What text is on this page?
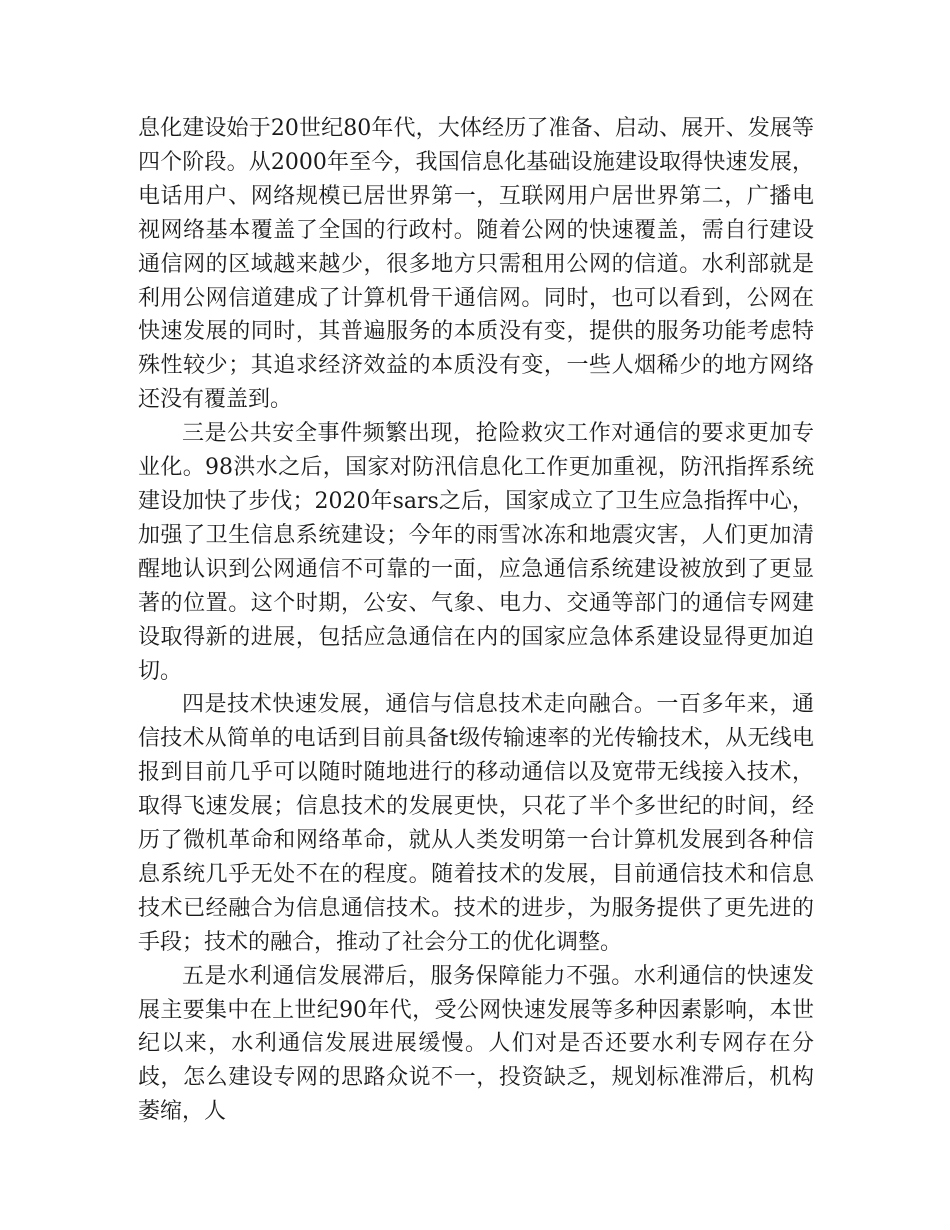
息化建设始于20世纪80年代，大体经历了准备、启动、展开、发展等四个阶段。从2000年至今，我国信息化基础设施建设取得快速发展，电话用户、网络规模已居世界第一，互联网用户居世界第二，广播电视网络基本覆盖了全国的行政村。随着公网的快速覆盖，需自行建设通信网的区域越来越少，很多地方只需租用公网的信道。水利部就是利用公网信道建成了计算机骨干通信网。同时，也可以看到，公网在快速发展的同时，其普遍服务的本质没有变，提供的服务功能考虑特殊性较少；其追求经济效益的本质没有变，一些人烟稀少的地方网络还没有覆盖到。

三是公共安全事件频繁出现，抢险救灾工作对通信的要求更加专业化。98洪水之后，国家对防汛信息化工作更加重视，防汛指挥系统建设加快了步伐；2020年sars之后，国家成立了卫生应急指挥中心，加强了卫生信息系统建设；今年的雨雪冰冻和地震灾害，人们更加清醒地认识到公网通信不可靠的一面，应急通信系统建设被放到了更显著的位置。这个时期，公安、气象、电力、交通等部门的通信专网建设取得新的进展，包括应急通信在内的国家应急体系建设显得更加迫切。

四是技术快速发展，通信与信息技术走向融合。一百多年来，通信技术从简单的电话到目前具备t级传输速率的光传输技术，从无线电报到目前几乎可以随时随地进行的移动通信以及宽带无线接入技术，取得飞速发展；信息技术的发展更快，只花了半个多世纪的时间，经历了微机革命和网络革命，就从人类发明第一台计算机发展到各种信息系统几乎无处不在的程度。随着技术的发展，目前通信技术和信息技术已经融合为信息通信技术。技术的进步，为服务提供了更先进的手段；技术的融合，推动了社会分工的优化调整。

五是水利通信发展滞后，服务保障能力不强。水利通信的快速发展主要集中在上世纪90年代，受公网快速发展等多种因素影响，本世纪以来，水利通信发展进展缓慢。人们对是否还要水利专网存在分歧，怎么建设专网的思路众说不一，投资缺乏，规划标准滞后，机构萎缩，人
